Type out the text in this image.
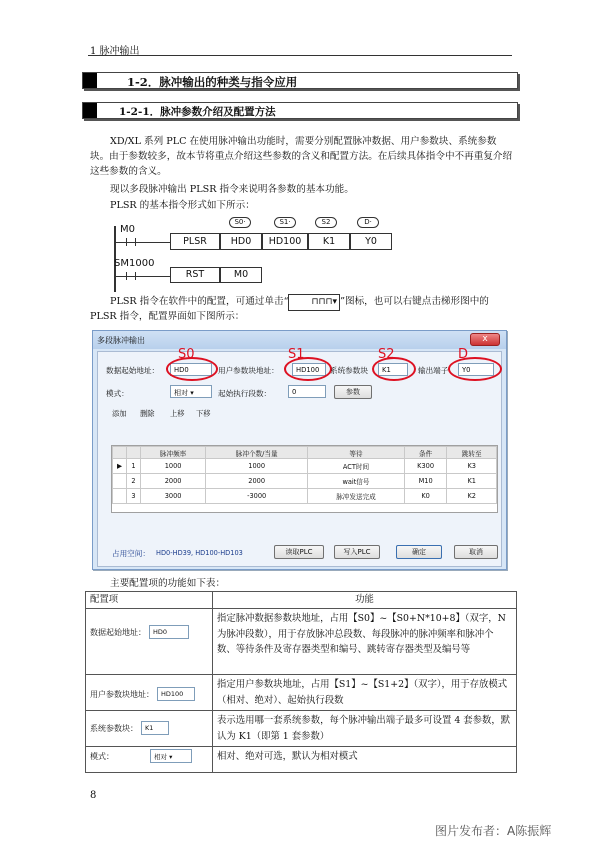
1 脉冲输出
1-2．脉冲输出的种类与指令应用
1-2-1．脉冲参数介绍及配置方法

XD/XL 系列 PLC 在使用脉冲输出功能时，需要分别配置脉冲数据、用户参数块、系统参数块。由于参数较多，故本节将重点介绍这些参数的含义和配置方法。在后续具体指令中不再重复介绍这些参数的含义。

现以多段脉冲输出 PLSR 指令来说明各参数的基本功能。

PLSR 的基本指令形式如下所示：

M0
S0·	S1·	S2	D·
PLSR	HD0	HD100	K1	Y0
SM1000
RST	M0

PLSR 指令在软件中的配置，可通过单击“	⊓⊓⊓▾ ”图标，也可以右键点击梯形图中的

PLSR 指令，配置界面如下图所示：

多段脉冲输出	x
S0	S1	S2	D
数据起始地址：	HD0	用户参数块地址：	HD100	系统参数块	K1	输出端子	Y0
模式：	相对 ▾	起始执行段数：	0	参数
添加 删除 上移 下移
		脉冲频率	脉冲个数/当量	等待	条件	跳转至
▶	1	1000	1000	ACT时间	K300	K3
	2	2000	2000	wait信号	M10	K1
	3	3000	-3000	脉冲发送完成	K0	K2
占用空间： HD0-HD39, HD100-HD103	读取PLC	写入PLC	确定	取消
主要配置项的功能如下表：
配置项	功能

数据起始地址： HD0	指定脉冲数据参数块地址，占用【S0】~【S0+N*10+8】（双字，N 为脉冲段数），用于存放脉冲总段数、每段脉冲的脉冲频率和脉冲个数、等待条件及寄存器类型和编号、跳转寄存器类型及编号等

用户参数块地址： HD100	指定用户参数块地址，占用【S1】~【S1+2】（双字），用于存放模式（相对、绝对）、起始执行段数

系统参数块： K1	表示选用哪一套系统参数，每个脉冲输出端子最多可设置 4 套参数，默认为 K1（即第 1 套参数）

模式： 相对 ▾	相对、绝对可选，默认为相对模式
8
图片发布者：A陈振辉
